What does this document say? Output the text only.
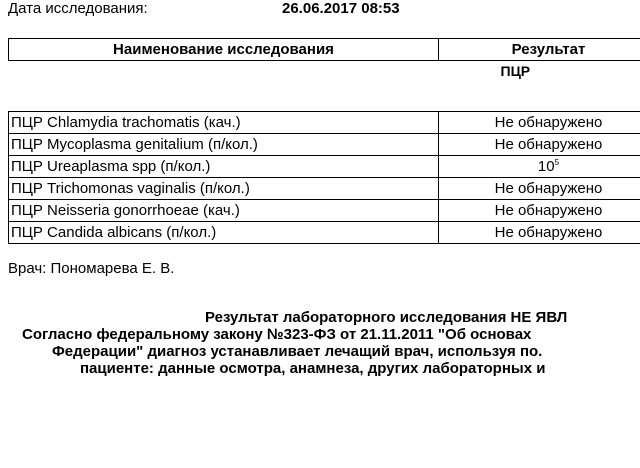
Дата исследования:	26.06.2017 08:53
Наименование исследования	Результат
	ПЦР

ПЦР Chlamydia trachomatis (кач.)	Не обнаружено
ПЦР Mycoplasma genitalium (п/кол.)	Не обнаружено
ПЦР Ureaplasma spp (п/кол.)	$10^5$
ПЦР Trichomonas vaginalis (п/кол.)	Не обнаружено
ПЦР Neisseria gonorrhoeae (кач.)	Не обнаружено
ПЦР Candida albicans (п/кол.)	Не обнаружено
Врач: Пономарева Е. В.
Результат лабораторного исследования НЕ ЯВЛ
Согласно федеральному закону №323-ФЗ от 21.11.2011 "Об основах
Федерации" диагноз устанавливает лечащий врач, используя по.
пациенте: данные осмотра, анамнеза, других лабораторных и
